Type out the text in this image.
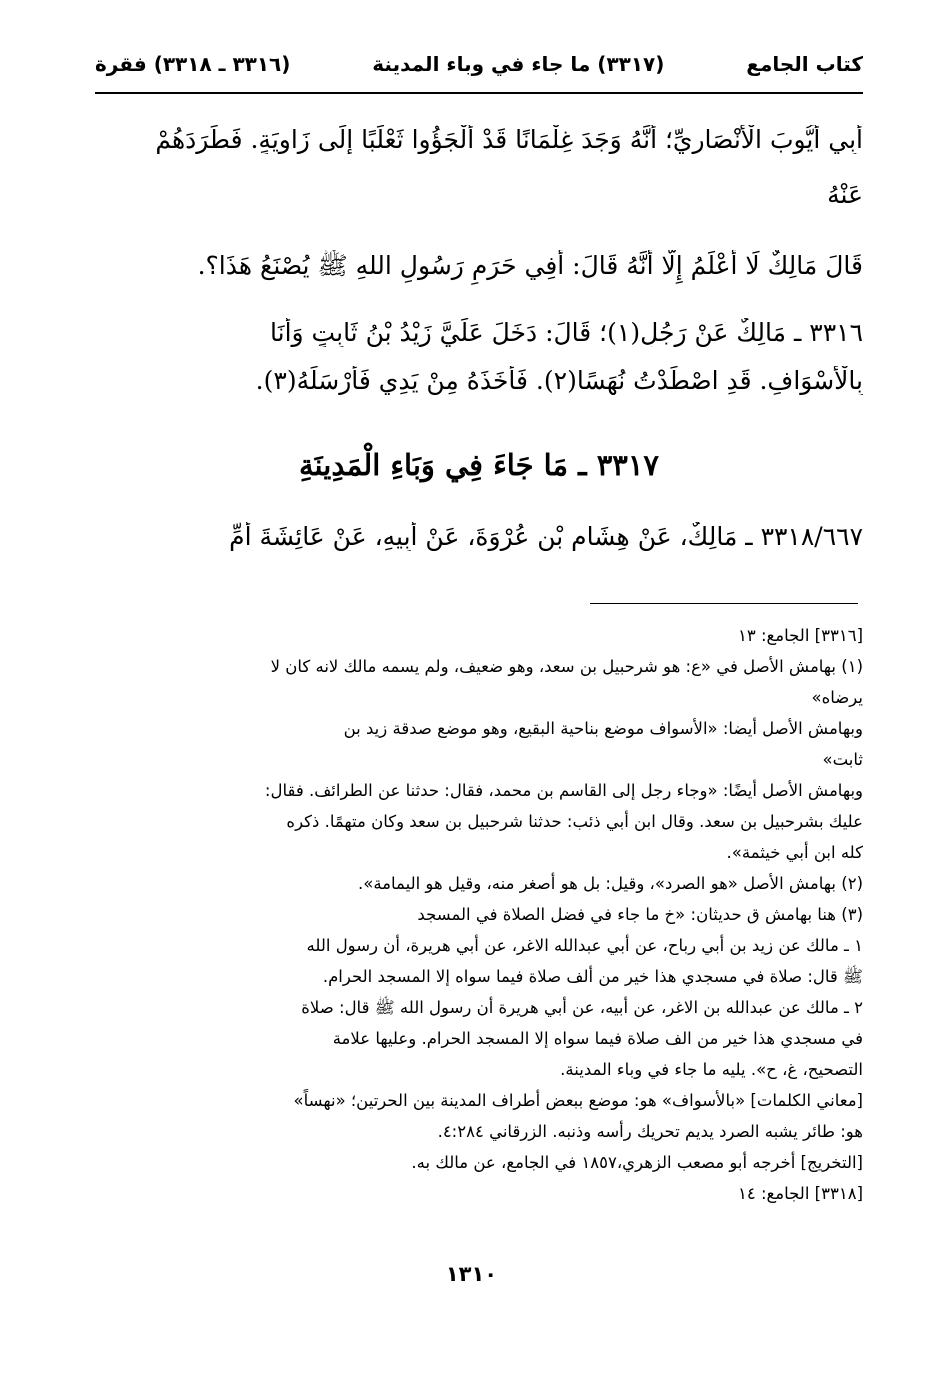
كتاب الجامع
(٣٣١٧) ما جاء في وباء المدينة
(٣٣١٦ ـ ٣٣١٨) فقرة
أَبِي أَيُّوبَ الْأَنْصَارِيِّ؛ أَنَّهُ وَجَدَ غِلْمَانًا قَدْ أَلْجَؤُوا ثَعْلَبًا إِلَى زَاوِيَةٍ. فَطَرَدَهُمْ
عَنْهُ
قَالَ مَالِكٌ لَا أَعْلَمُ إِلَّا أَنَّهُ قَالَ: أَفِي حَرَمِ رَسُولِ اللهِ ﷺ يُصْنَعُ هَذَا؟.
٣٣١٦ ـ مَالِكٌ عَنْ رَجُلٍ(١)؛ قَالَ: دَخَلَ عَلَيَّ زَيْدُ بْنُ ثَابِتٍ وَأَنَا
بِالْأَسْوَافِ. قَدِ اصْطَدْتُ نُهَسًا(٢). فَأَخَذَهُ مِنْ يَدِي فَأَرْسَلَهُ(٣).
٣٣١٨/٦٦٧ ـ مَالِكٌ، عَنْ هِشَامِ بْنِ عُرْوَةَ، عَنْ أَبِيهِ، عَنْ عَائِشَةَ أُمِّ
٣٣١٧ ـ مَا جَاءَ فِي وَبَاءِ الْمَدِينَةِ
[٣٣١٦] الجامع: ١٣
(١) بهامش الأصل في «ع: هو شرحبيل بن سعد، وهو ضعيف، ولم يسمه مالك لانه كان لا
يرضاه»
وبهامش الأصل أيضا: «الأسواف موضع بناحية البقيع، وهو موضع صدقة زيد بن
ثابت»
وبهامش الأصل أيضًا: «وجاء رجل إلى القاسم بن محمد، فقال: حدثنا عن الطرائف. فقال:
عليك بشرحبيل بن سعد. وقال ابن أبي ذئب: حدثنا شرحبيل بن سعد وكان متهمًا. ذكره
كله ابن أبي خيثمة».
(٢) بهامش الأصل «هو الصرد»، وقيل: بل هو أصغر منه، وقيل هو اليمامة».
(٣) هنا بهامش ق حديثان: «خ ما جاء في فضل الصلاة في المسجد
١ ـ مالك عن زيد بن أبي رباح، عن أبي عبدالله الاغر، عن أبي هريرة، أن رسول الله
ﷺ قال: صلاة في مسجدي هذا خير من ألف صلاة فيما سواه إلا المسجد الحرام.
٢ ـ مالك عن عبدالله بن الاغر، عن أبيه، عن أبي هريرة أن رسول الله ﷺ قال: صلاة
في مسجدي هذا خير من الف صلاة فيما سواه إلا المسجد الحرام. وعليها علامة
التصحيح، غ، ح». يليه ما جاء في وباء المدينة.
[معاني الكلمات] «بالأسواف» هو: موضع ببعض أطراف المدينة بين الحرتين؛ «نهساً»
هو: طائر يشبه الصرد يديم تحريك رأسه وذنبه. الزرقاني ٤:٢٨٤.
[التخريج] أخرجه أبو مصعب الزهري،١٨٥٧ في الجامع، عن مالك به.
[٣٣١٨] الجامع: ١٤
١٣١٠
